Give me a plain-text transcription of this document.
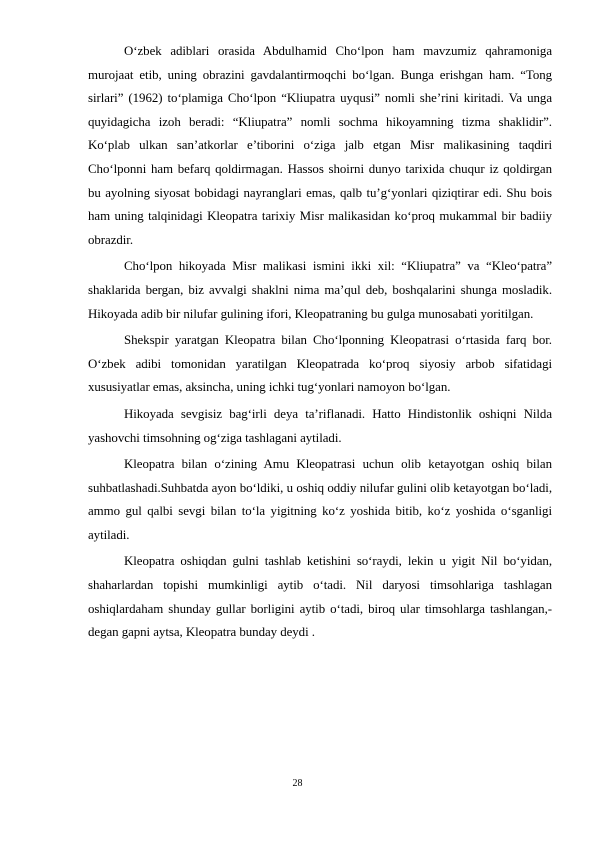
O‘zbek adiblari orasida Abdulhamid Cho‘lpon ham mavzumiz qahramoniga murojaat etib, uning obrazini gavdalantirmoqchi bo‘lgan. Bunga erishgan ham. “Tong sirlari” (1962) to‘plamiga Cho‘lpon “Kliupatra uyqusi” nomli she’rini kiritadi. Va unga quyidagicha izoh beradi: “Kliupatra” nomli sochma hikoyamning tizma shaklidir”. Ko‘plab ulkan san’atkorlar e’tiborini o‘ziga jalb etgan Misr malikasining taqdiri Cho‘lponni ham befarq qoldirmagan. Hassos shoirni dunyo tarixida chuqur iz qoldirgan bu ayolning siyosat bobidagi nayranglari emas, qalb tu’g‘yonlari qiziqtirar edi. Shu bois ham uning talqinidagi Kleopatra tarixiy Misr malikasidan ko‘proq mukammal bir badiiy obrazdir.

Cho‘lpon hikoyada Misr malikasi ismini ikki xil: “Kliupatra” va “Kleo‘patra” shaklarida bergan, biz avvalgi shaklni nima ma’qul deb, boshqalarini shunga mosladik. Hikoyada adib bir nilufar gulining ifori, Kleopatraning bu gulga munosabati yoritilgan.

Shekspir yaratgan Kleopatra bilan Cho‘lponning Kleopatrasi o‘rtasida farq bor. O‘zbek adibi tomonidan yaratilgan Kleopatrada ko‘proq siyosiy arbob sifatidagi xususiyatlar emas, aksincha, uning ichki tug‘yonlari namoyon bo‘lgan.

Hikoyada sevgisiz bag‘irli deya ta’riflanadi. Hatto Hindistonlik oshiqni Nilda yashovchi timsohning og‘ziga tashlagani aytiladi.

Kleopatra bilan o‘zining Amu Kleopatrasi uchun olib ketayotgan oshiq bilan suhbatlashadi.Suhbatda ayon bo‘ldiki, u oshiq oddiy nilufar gulini olib ketayotgan bo‘ladi, ammo gul qalbi sevgi bilan to‘la yigitning ko‘z yoshida bitib, ko‘z yoshida o‘sganligi aytiladi.

Kleopatra oshiqdan gulni tashlab ketishini so‘raydi, lekin u yigit Nil bo‘yidan, shaharlardan topishi mumkinligi aytib o‘tadi. Nil daryosi timsohlariga tashlagan oshiqlardaham shunday gullar borligini aytib o‘tadi, biroq ular timsohlarga tashlangan,-degan gapni aytsa, Kleopatra bunday deydi .

28
